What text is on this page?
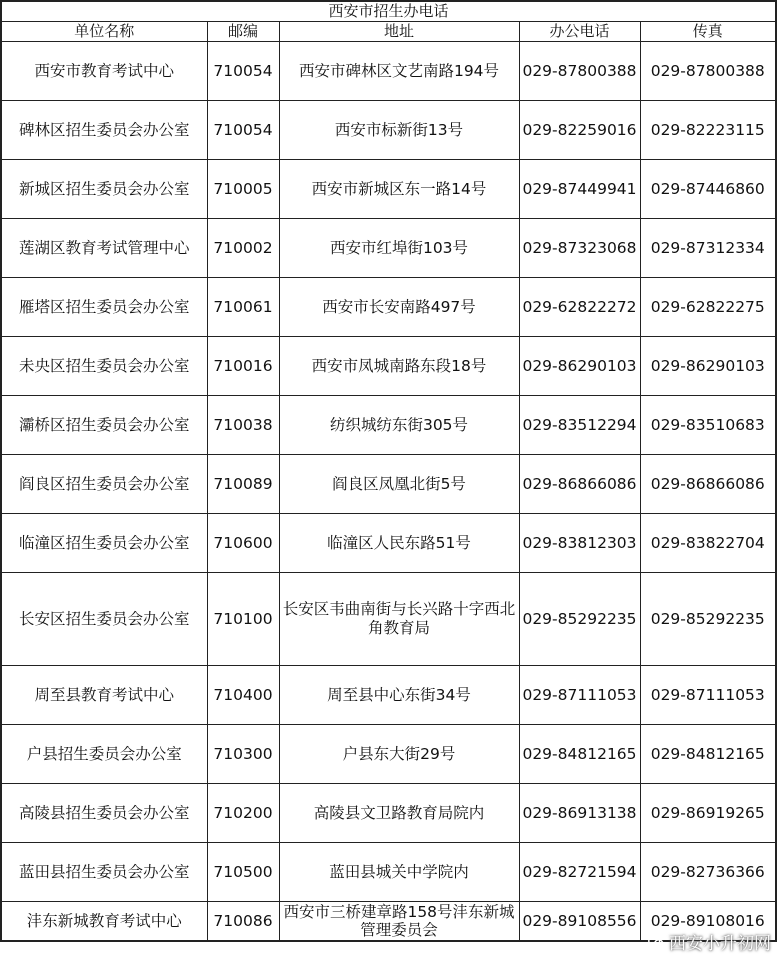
西安市招生办电话				
单位名称	邮编	地址	办公电话	传真
西安市教育考试中心	710054	西安市碑林区文艺南路194号	029-87800388	029-87800388
碑林区招生委员会办公室	710054	西安市标新街13号	029-82259016	029-82223115
新城区招生委员会办公室	710005	西安市新城区东一路14号	029-87449941	029-87446860
莲湖区教育考试管理中心	710002	西安市红埠街103号	029-87323068	029-87312334
雁塔区招生委员会办公室	710061	西安市长安南路497号	029-62822272	029-62822275
未央区招生委员会办公室	710016	西安市凤城南路东段18号	029-86290103	029-86290103
灞桥区招生委员会办公室	710038	纺织城纺东街305号	029-83512294	029-83510683
阎良区招生委员会办公室	710089	阎良区凤凰北街5号	029-86866086	029-86866086
临潼区招生委员会办公室	710600	临潼区人民东路51号	029-83812303	029-83822704
长安区招生委员会办公室	710100	长安区韦曲南街与长兴路十字西北角教育局	029-85292235	029-85292235
周至县教育考试中心	710400	周至县中心东街34号	029-87111053	029-87111053
户县招生委员会办公室	710300	户县东大街29号	029-84812165	029-84812165
高陵县招生委员会办公室	710200	高陵县文卫路教育局院内	029-86913138	029-86919265
蓝田县招生委员会办公室	710500	蓝田县城关中学院内	029-82721594	029-82736366
沣东新城教育考试中心	710086	西安市三桥建章路158号沣东新城管理委员会	029-89108556	029-89108016
西安小升初网
